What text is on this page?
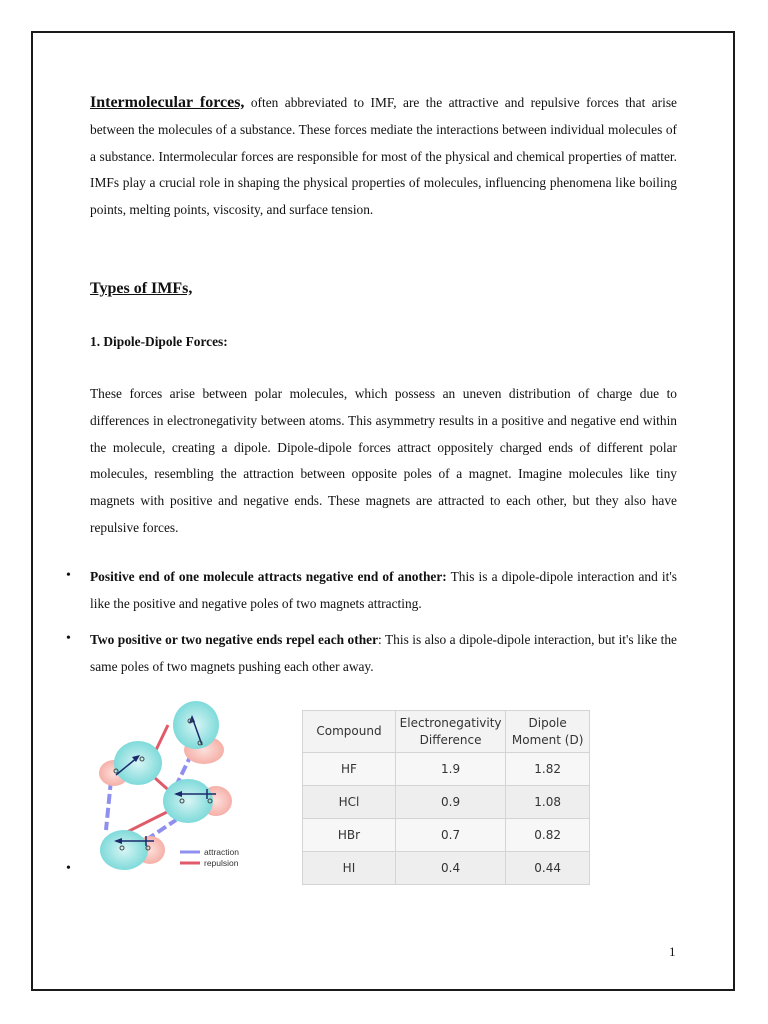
Intermolecular forces, often abbreviated to IMF, are the attractive and repulsive forces that arise between the molecules of a substance. These forces mediate the interactions between individual molecules of a substance. Intermolecular forces are responsible for most of the physical and chemical properties of matter. IMFs play a crucial role in shaping the physical properties of molecules, influencing phenomena like boiling points, melting points, viscosity, and surface tension.

Types of IMFs,
1. Dipole-Dipole Forces:

These forces arise between polar molecules, which possess an uneven distribution of charge due to differences in electronegativity between atoms. This asymmetry results in a positive and negative end within the molecule, creating a dipole. Dipole-dipole forces attract oppositely charged ends of different polar molecules, resembling the attraction between opposite poles of a magnet. Imagine molecules like tiny magnets with positive and negative ends. These magnets are attracted to each other, but they also have repulsive forces.

• Positive end of one molecule attracts negative end of another: This is a dipole-dipole interaction and it's like the positive and negative poles of two magnets attracting.

• Two positive or two negative ends repel each other: This is also a dipole-dipole interaction, but it's like the same poles of two magnets pushing each other away.

•
attraction
repulsion
Compound	Electronegativity Difference	Dipole Moment (D)
HF	1.9	1.82
HCl	0.9	1.08
HBr	0.7	0.82
HI	0.4	0.44
1
